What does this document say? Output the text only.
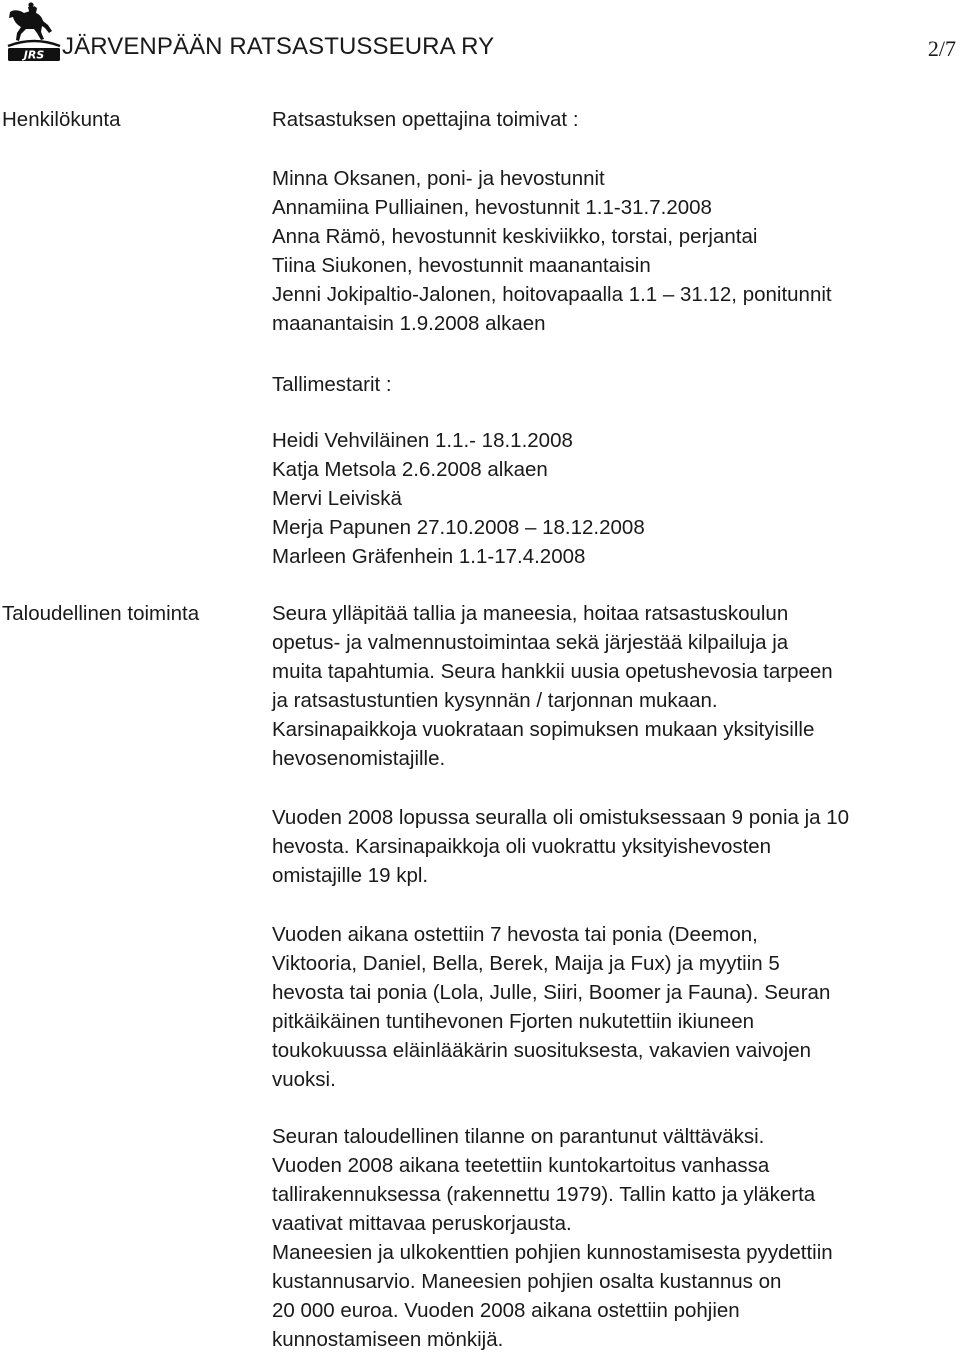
JRS JÄRVENPÄÄN RATSASTUSSEURA RY	2/7
Henkilökunta	Ratsastuksen opettajina toimivat :
Minna Oksanen, poni- ja hevostunnit
Annamiina Pulliainen, hevostunnit 1.1-31.7.2008
Anna Rämö, hevostunnit keskiviikko, torstai, perjantai
Tiina Siukonen, hevostunnit maanantaisin
Jenni Jokipaltio-Jalonen, hoitovapaalla 1.1 – 31.12, ponitunnit
maanantaisin 1.9.2008 alkaen
Tallimestarit :
Heidi Vehviläinen 1.1.- 18.1.2008
Katja Metsola 2.6.2008 alkaen
Mervi Leiviskä
Merja Papunen 27.10.2008 – 18.12.2008
Marleen Gräfenhein 1.1-17.4.2008
Taloudellinen toiminta	Seura ylläpitää tallia ja maneesia, hoitaa ratsastuskoulun
opetus- ja valmennustoimintaa sekä järjestää kilpailuja ja
muita tapahtumia. Seura hankkii uusia opetushevosia tarpeen
ja ratsastustuntien kysynnän / tarjonnan mukaan.
Karsinapaikkoja vuokrataan sopimuksen mukaan yksityisille
hevosenomistajille.
Vuoden 2008 lopussa seuralla oli omistuksessaan 9 ponia ja 10
hevosta. Karsinapaikkoja oli vuokrattu yksityishevosten
omistajille 19 kpl.
Vuoden aikana ostettiin 7 hevosta tai ponia (Deemon,
Viktooria, Daniel, Bella, Berek, Maija ja Fux) ja myytiin 5
hevosta tai ponia (Lola, Julle, Siiri, Boomer ja Fauna). Seuran
pitkäikäinen tuntihevonen Fjorten nukutettiin ikiuneen
toukokuussa eläinlääkärin suosituksesta, vakavien vaivojen
vuoksi.
Seuran taloudellinen tilanne on parantunut välttäväksi.
Vuoden 2008 aikana teetettiin kuntokartoitus vanhassa
tallirakennuksessa (rakennettu 1979). Tallin katto ja yläkerta
vaativat mittavaa peruskorjausta.
Maneesien ja ulkokenttien pohjien kunnostamisesta pyydettiin
kustannusarvio. Maneesien pohjien osalta kustannus on
20 000 euroa. Vuoden 2008 aikana ostettiin pohjien
kunnostamiseen mönkijä.
